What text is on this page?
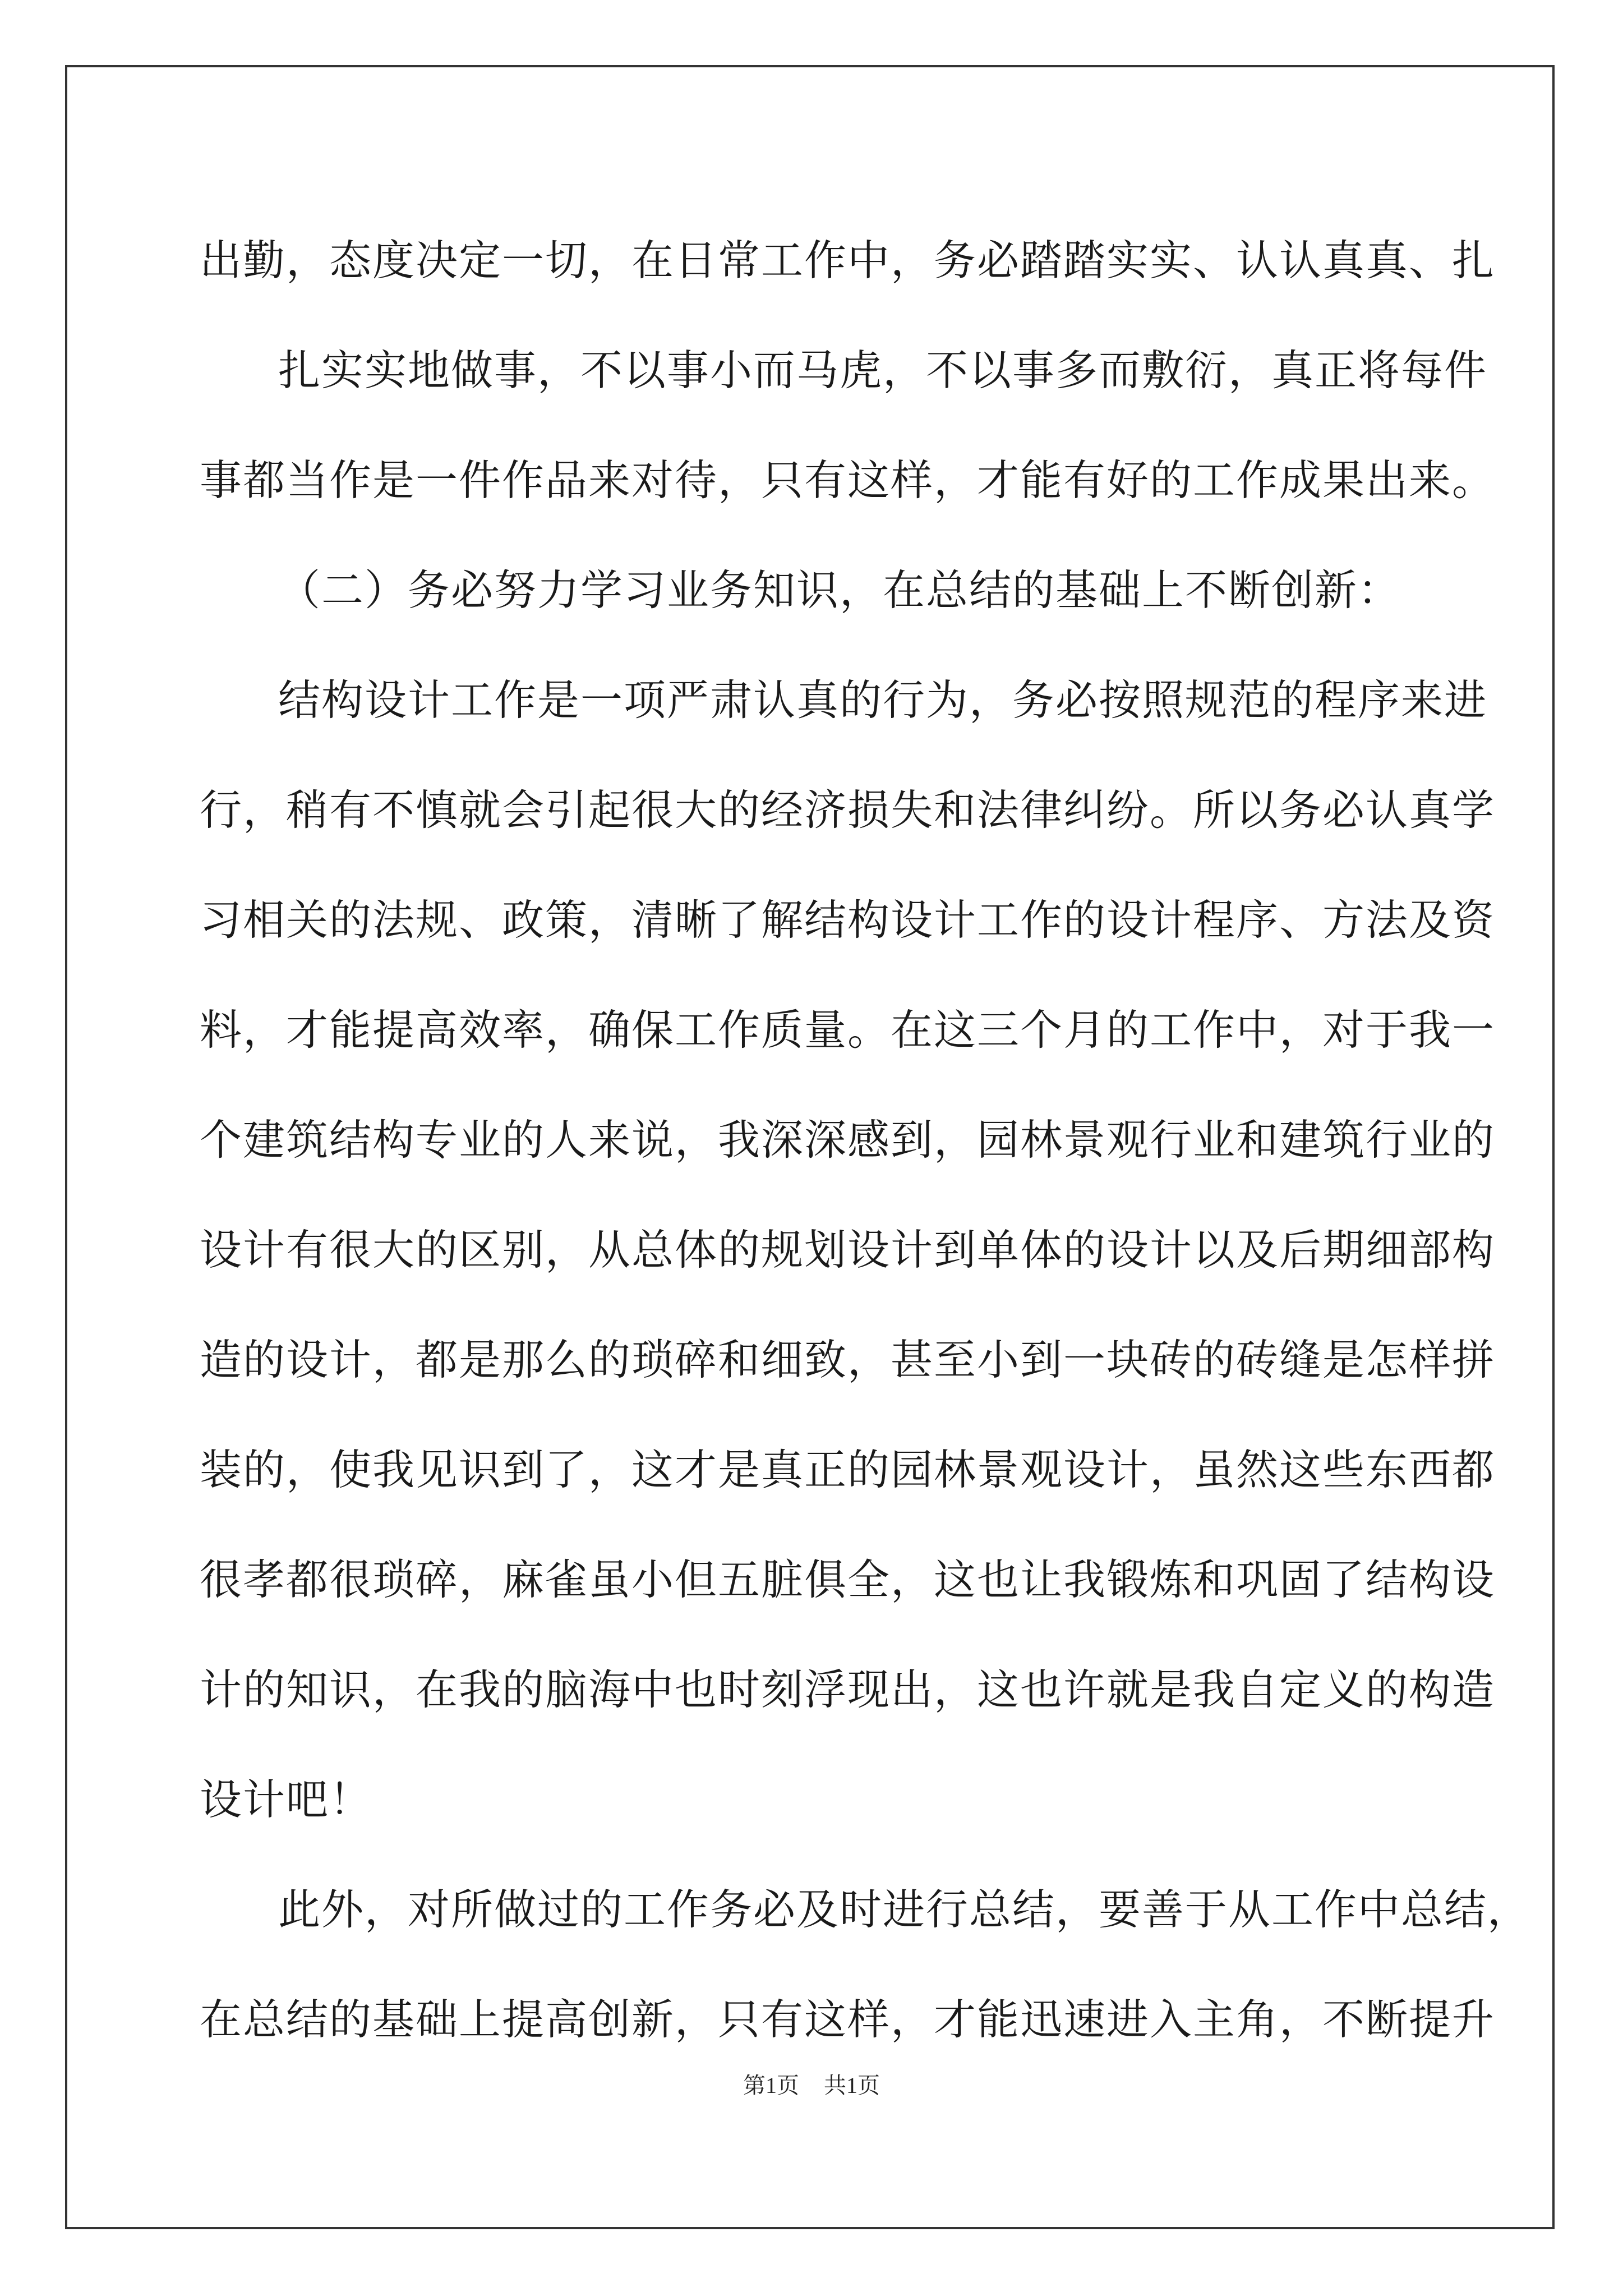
出勤，态度决定一切，在日常工作中，务必踏踏实实、认认真真、扎
扎实实地做事，不以事小而马虎，不以事多而敷衍，真正将每件
事都当作是一件作品来对待，只有这样，才能有好的工作成果出来。
（二）务必努力学习业务知识，在总结的基础上不断创新：
结构设计工作是一项严肃认真的行为，务必按照规范的程序来进
行，稍有不慎就会引起很大的经济损失和法律纠纷。所以务必认真学
习相关的法规、政策，清晰了解结构设计工作的设计程序、方法及资
料，才能提高效率，确保工作质量。在这三个月的工作中，对于我一
个建筑结构专业的人来说，我深深感到，园林景观行业和建筑行业的
设计有很大的区别，从总体的规划设计到单体的设计以及后期细部构
造的设计，都是那么的琐碎和细致，甚至小到一块砖的砖缝是怎样拼
装的，使我见识到了，这才是真正的园林景观设计，虽然这些东西都
很孝都很琐碎，麻雀虽小但五脏俱全，这也让我锻炼和巩固了结构设
计的知识，在我的脑海中也时刻浮现出，这也许就是我自定义的构造
设计吧！
此外，对所做过的工作务必及时进行总结，要善于从工作中总结，
在总结的基础上提高创新，只有这样，才能迅速进入主角，不断提升
第1页 共1页
